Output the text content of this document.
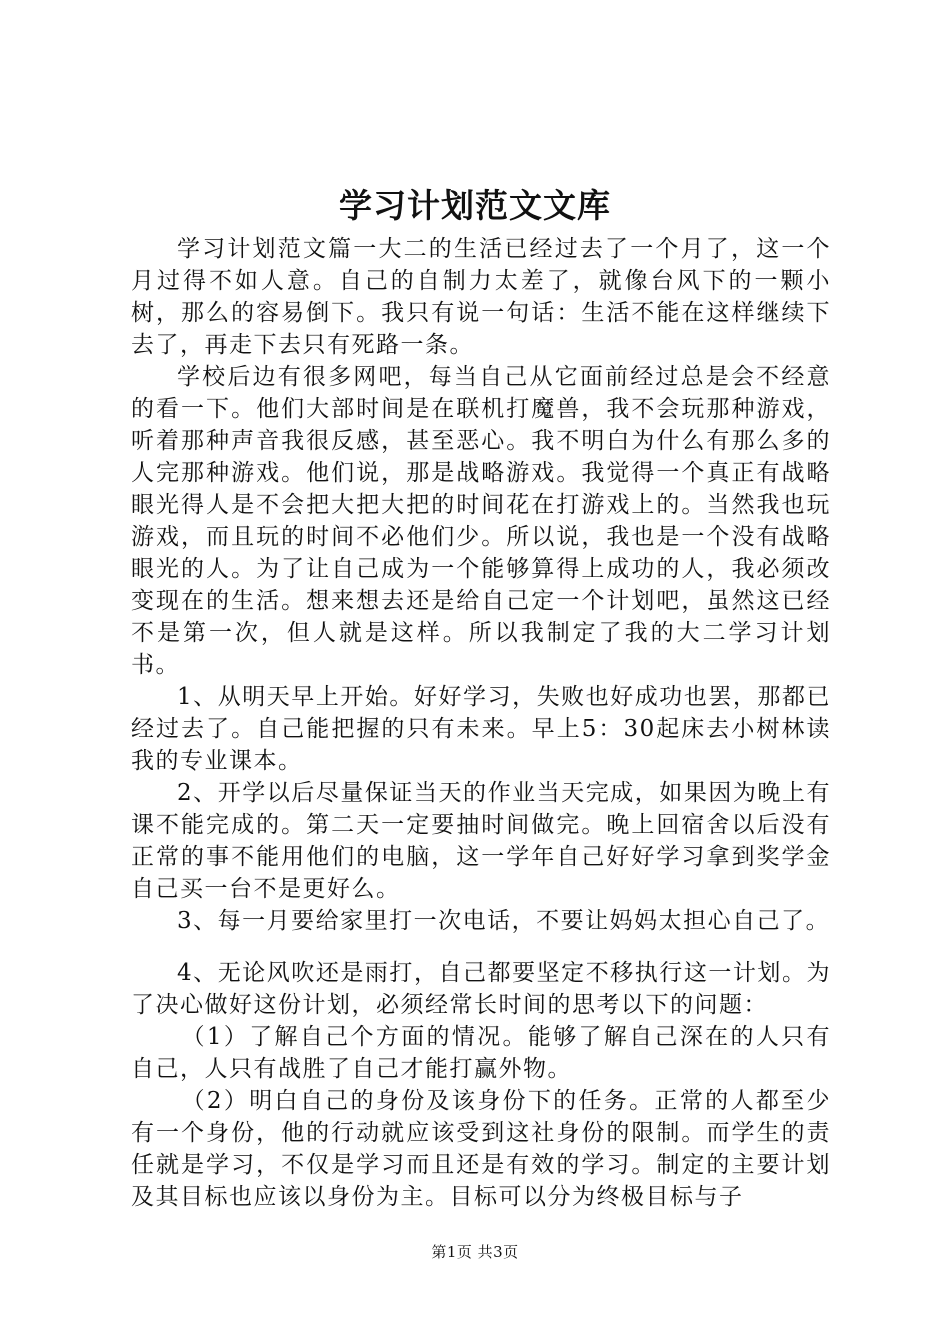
学习计划范文文库

学习计划范文篇一大二的生活已经过去了一个月了，这一个月过得不如人意。自己的自制力太差了，就像台风下的一颗小树，那么的容易倒下。我只有说一句话：生活不能在这样继续下去了，再走下去只有死路一条。

学校后边有很多网吧，每当自己从它面前经过总是会不经意的看一下。他们大部时间是在联机打魔兽，我不会玩那种游戏，听着那种声音我很反感，甚至恶心。我不明白为什么有那么多的人完那种游戏。他们说，那是战略游戏。我觉得一个真正有战略眼光得人是不会把大把大把的时间花在打游戏上的。当然我也玩游戏，而且玩的时间不必他们少。所以说，我也是一个没有战略眼光的人。为了让自己成为一个能够算得上成功的人，我必须改变现在的生活。想来想去还是给自己定一个计划吧，虽然这已经不是第一次，但人就是这样。所以我制定了我的大二学习计划书。

1、从明天早上开始。好好学习，失败也好成功也罢，那都已经过去了。自己能把握的只有未来。早上5：30起床去小树林读我的专业课本。

2、开学以后尽量保证当天的作业当天完成，如果因为晚上有课不能完成的。第二天一定要抽时间做完。晚上回宿舍以后没有正常的事不能用他们的电脑，这一学年自己好好学习拿到奖学金自己买一台不是更好么。

3、每一月要给家里打一次电话，不要让妈妈太担心自己了。

4、无论风吹还是雨打，自己都要坚定不移执行这一计划。为了决心做好这份计划，必须经常长时间的思考以下的问题：

（1）了解自己个方面的情况。能够了解自己深在的人只有自己，人只有战胜了自己才能打赢外物。

（2）明白自己的身份及该身份下的任务。正常的人都至少有一个身份，他的行动就应该受到这社身份的限制。而学生的责任就是学习，不仅是学习而且还是有效的学习。制定的主要计划及其目标也应该以身份为主。目标可以分为终极目标与子

第1页 共3页
